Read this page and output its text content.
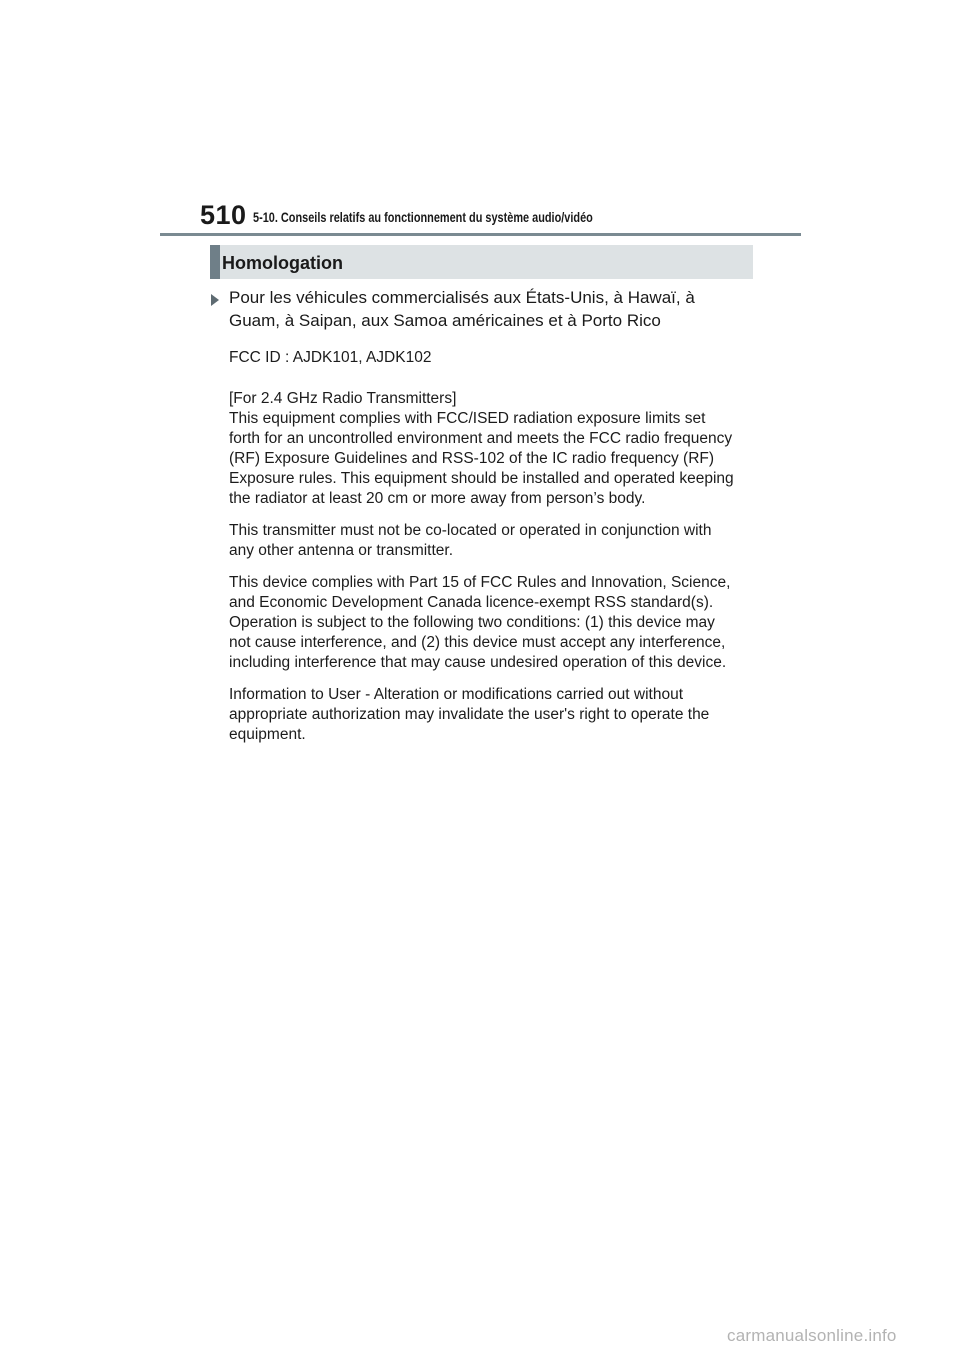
510 5-10. Conseils relatifs au fonctionnement du système audio/vidéo
Homologation
Pour les véhicules commercialisés aux États-Unis, à Hawaï, à Guam, à Saipan, aux Samoa américaines et à Porto Rico

FCC ID : AJDK101, AJDK102

[For 2.4 GHz Radio Transmitters]

This equipment complies with FCC/ISED radiation exposure limits set forth for an uncontrolled environment and meets the FCC radio frequency (RF) Exposure Guidelines and RSS-102 of the IC radio frequency (RF) Exposure rules. This equipment should be installed and operated keeping the radiator at least 20 cm or more away from person’s body.

This transmitter must not be co-located or operated in conjunction with any other antenna or transmitter.

This device complies with Part 15 of FCC Rules and Innovation, Science, and Economic Development Canada licence-exempt RSS standard(s). Operation is subject to the following two conditions: (1) this device may not cause interference, and (2) this device must accept any interference, including interference that may cause undesired operation of this device.

Information to User - Alteration or modifications carried out without appropriate authorization may invalidate the user's right to operate the equipment.

carmanualsonline.info
